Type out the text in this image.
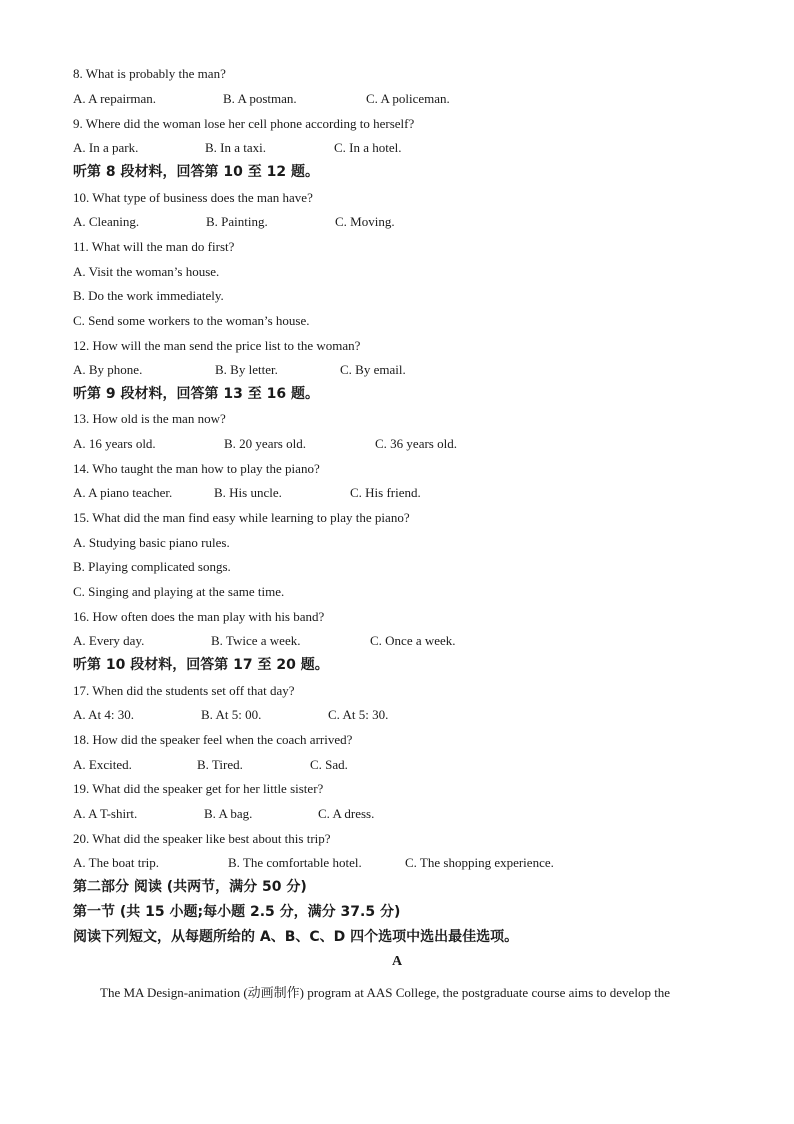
8. What is probably the man?
A. A repairman.	B. A postman.	C. A policeman.
9. Where did the woman lose her cell phone according to herself?
A. In a park.	B. In a taxi.	C. In a hotel.
听第 8 段材料，回答第 10 至 12 题。
10. What type of business does the man have?
A. Cleaning.	B. Painting.	C. Moving.
11. What will the man do first?
A. Visit the woman’s house.
B. Do the work immediately.
C. Send some workers to the woman’s house.
12. How will the man send the price list to the woman?
A. By phone.	B. By letter.	C. By email.
听第 9 段材料，回答第 13 至 16 题。
13. How old is the man now?
A. 16 years old.	B. 20 years old.	C. 36 years old.
14. Who taught the man how to play the piano?
A. A piano teacher.	B. His uncle.	C. His friend.
15. What did the man find easy while learning to play the piano?
A. Studying basic piano rules.
B. Playing complicated songs.
C. Singing and playing at the same time.
16. How often does the man play with his band?
A. Every day.	B. Twice a week.	C. Once a week.
听第 10 段材料，回答第 17 至 20 题。
17. When did the students set off that day?
A. At 4: 30.	B. At 5: 00.	C. At 5: 30.
18. How did the speaker feel when the coach arrived?
A. Excited.	B. Tired.	C. Sad.
19. What did the speaker get for her little sister?
A. A T-shirt.	B. A bag.	C. A dress.
20. What did the speaker like best about this trip?
A. The boat trip.	B. The comfortable hotel.	C. The shopping experience.
第二部分 阅读 (共两节，满分 50 分)
第一节 (共 15 小题;每小题 2.5 分，满分 37.5 分)
阅读下列短文，从每题所给的 A、B、C、D 四个选项中选出最佳选项。
A
The MA Design-animation (动画制作) program at AAS College, the postgraduate course aims to develop the
